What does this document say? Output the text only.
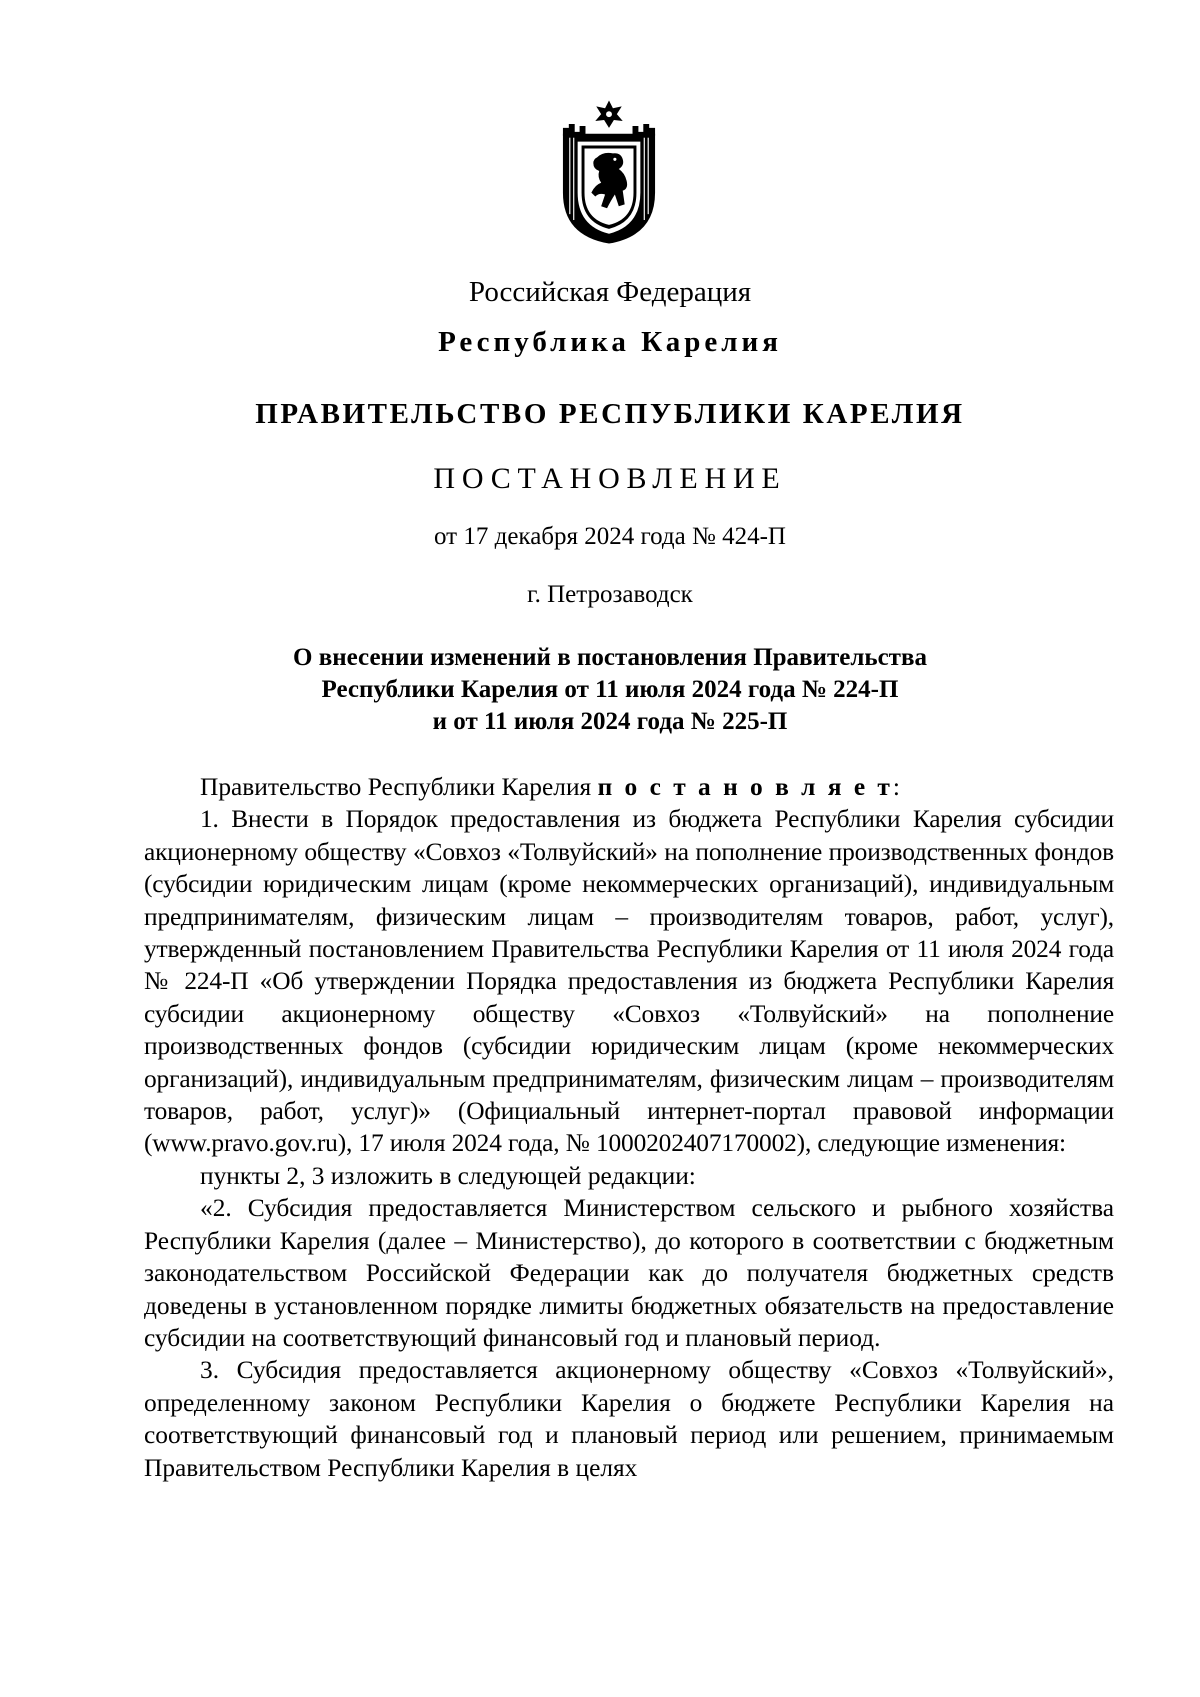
Российская Федерация
Республика Карелия
ПРАВИТЕЛЬСТВО РЕСПУБЛИКИ КАРЕЛИЯ
ПОСТАНОВЛЕНИЕ
от 17 декабря 2024 года № 424-П
г. Петрозаводск
О внесении изменений в постановления Правительства
Республики Карелия от 11 июля 2024 года № 224-П
и от 11 июля 2024 года № 225-П

Правительство Республики Карелия п о с т а н о в л я е т:

1. Внести в Порядок предоставления из бюджета Республики Карелия субсидии акционерному обществу «Совхоз «Толвуйский» на пополнение производственных фондов (субсидии юридическим лицам (кроме некоммерческих организаций), индивидуальным предпринимателям, физическим лицам – производителям товаров, работ, услуг), утвержденный постановлением Правительства Республики Карелия от 11 июля 2024 года № 224-П «Об утверждении Порядка предоставления из бюджета Республики Карелия субсидии акционерному обществу «Совхоз «Толвуйский» на пополнение производственных фондов (субсидии юридическим лицам (кроме некоммерческих организаций), индивидуальным предпринимателям, физическим лицам – производителям товаров, работ, услуг)» (Официальный интернет-портал правовой информации (www.pravo.gov.ru), 17 июля 2024 года, № 1000202407170002), следующие изменения:

пункты 2, 3 изложить в следующей редакции:

«2. Субсидия предоставляется Министерством сельского и рыбного хозяйства Республики Карелия (далее – Министерство), до которого в соответствии с бюджетным законодательством Российской Федерации как до получателя бюджетных средств доведены в установленном порядке лимиты бюджетных обязательств на предоставление субсидии на соответствующий финансовый год и плановый период.

3. Субсидия предоставляется акционерному обществу «Совхоз «Толвуйский», определенному законом Республики Карелия о бюджете Республики Карелия на соответствующий финансовый год и плановый период или решением, принимаемым Правительством Республики Карелия в целях
